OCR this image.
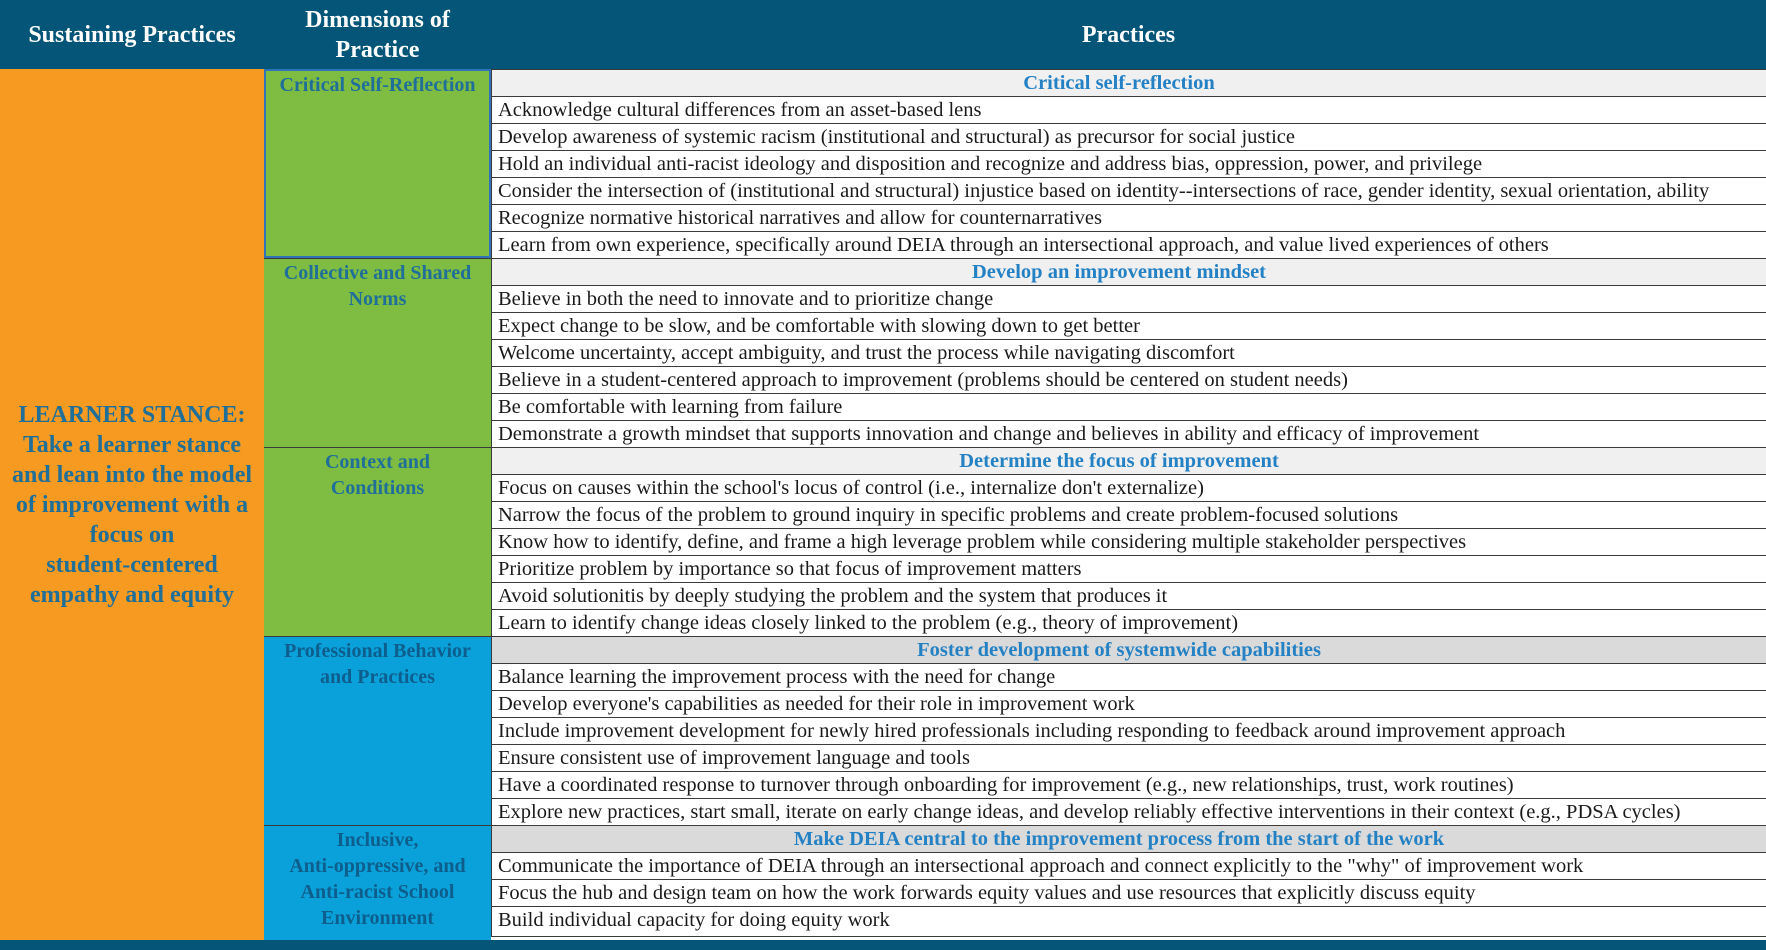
Sustaining Practices
Dimensions of
Practice
Practices
LEARNER STANCE:
Take a learner stance
and lean into the model
of improvement with a
focus on
student-centered
empathy and equity
Critical Self-Reflection
Collective and Shared
Norms
Context and
Conditions
Professional Behavior
and Practices
Inclusive,
Anti-oppressive, and
Anti-racist School
Environment
Critical self-reflection
Acknowledge cultural differences from an asset-based lens
Develop awareness of systemic racism (institutional and structural) as precursor for social justice
Hold an individual anti-racist ideology and disposition and recognize and address bias, oppression, power, and privilege
Consider the intersection of (institutional and structural) injustice based on identity--intersections of race, gender identity, sexual orientation, ability
Recognize normative historical narratives and allow for counternarratives
Learn from own experience, specifically around DEIA through an intersectional approach, and value lived experiences of others
Develop an improvement mindset
Believe in both the need to innovate and to prioritize change
Expect change to be slow, and be comfortable with slowing down to get better
Welcome uncertainty, accept ambiguity, and trust the process while navigating discomfort
Believe in a student-centered approach to improvement (problems should be centered on student needs)
Be comfortable with learning from failure
Demonstrate a growth mindset that supports innovation and change and believes in ability and efficacy of improvement
Determine the focus of improvement
Focus on causes within the school's locus of control (i.e., internalize don't externalize)
Narrow the focus of the problem to ground inquiry in specific problems and create problem-focused solutions
Know how to identify, define, and frame a high leverage problem while considering multiple stakeholder perspectives
Prioritize problem by importance so that focus of improvement matters
Avoid solutionitis by deeply studying the problem and the system that produces it
Learn to identify change ideas closely linked to the problem (e.g., theory of improvement)
Foster development of systemwide capabilities
Balance learning the improvement process with the need for change
Develop everyone's capabilities as needed for their role in improvement work
Include improvement development for newly hired professionals including responding to feedback around improvement approach
Ensure consistent use of improvement language and tools
Have a coordinated response to turnover through onboarding for improvement (e.g., new relationships, trust, work routines)
Explore new practices, start small, iterate on early change ideas, and develop reliably effective interventions in their context (e.g., PDSA cycles)
Make DEIA central to the improvement process from the start of the work
Communicate the importance of DEIA through an intersectional approach and connect explicitly to the "why" of improvement work
Focus the hub and design team on how the work forwards equity values and use resources that explicitly discuss equity
Build individual capacity for doing equity work
